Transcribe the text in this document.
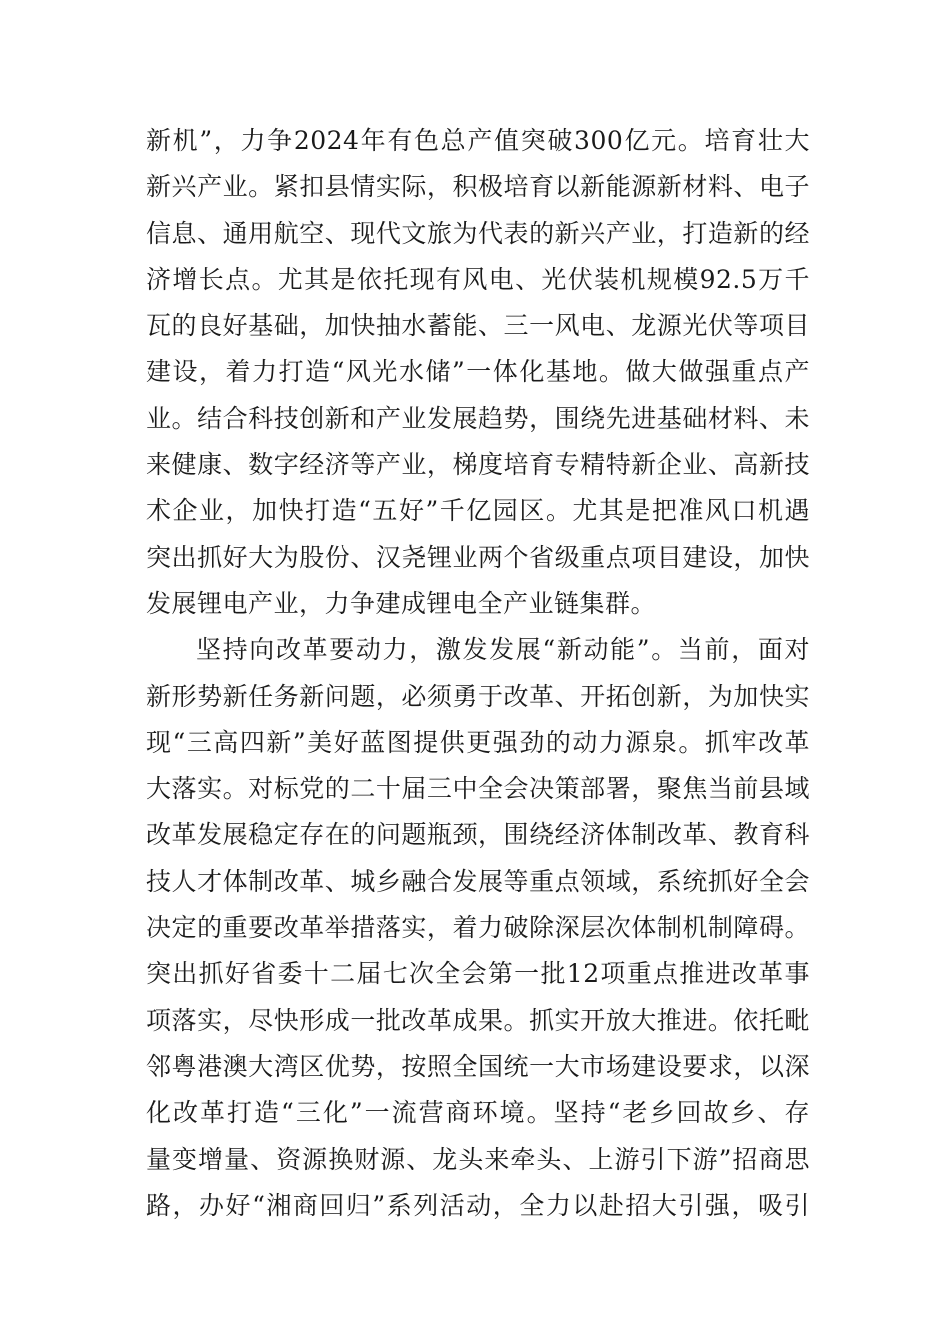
新机”，力争2024年有色总产值突破300亿元。培育壮大
新兴产业。紧扣县情实际，积极培育以新能源新材料、电子
信息、通用航空、现代文旅为代表的新兴产业，打造新的经
济增长点。尤其是依托现有风电、光伏装机规模92.5万千
瓦的良好基础，加快抽水蓄能、三一风电、龙源光伏等项目
建设，着力打造“风光水储”一体化基地。做大做强重点产
业。结合科技创新和产业发展趋势，围绕先进基础材料、未
来健康、数字经济等产业，梯度培育专精特新企业、高新技
术企业，加快打造“五好”千亿园区。尤其是把准风口机遇
突出抓好大为股份、汉尧锂业两个省级重点项目建设，加快
发展锂电产业，力争建成锂电全产业链集群。

坚持向改革要动力，激发发展“新动能”。当前，面对
新形势新任务新问题，必须勇于改革、开拓创新，为加快实
现“三高四新”美好蓝图提供更强劲的动力源泉。抓牢改革
大落实。对标党的二十届三中全会决策部署，聚焦当前县域
改革发展稳定存在的问题瓶颈，围绕经济体制改革、教育科
技人才体制改革、城乡融合发展等重点领域，系统抓好全会
决定的重要改革举措落实，着力破除深层次体制机制障碍。
突出抓好省委十二届七次全会第一批12项重点推进改革事
项落实，尽快形成一批改革成果。抓实开放大推进。依托毗
邻粤港澳大湾区优势，按照全国统一大市场建设要求，以深
化改革打造“三化”一流营商环境。坚持“老乡回故乡、存
量变增量、资源换财源、龙头来牵头、上游引下游”招商思
路，办好“湘商回归”系列活动，全力以赴招大引强，吸引
